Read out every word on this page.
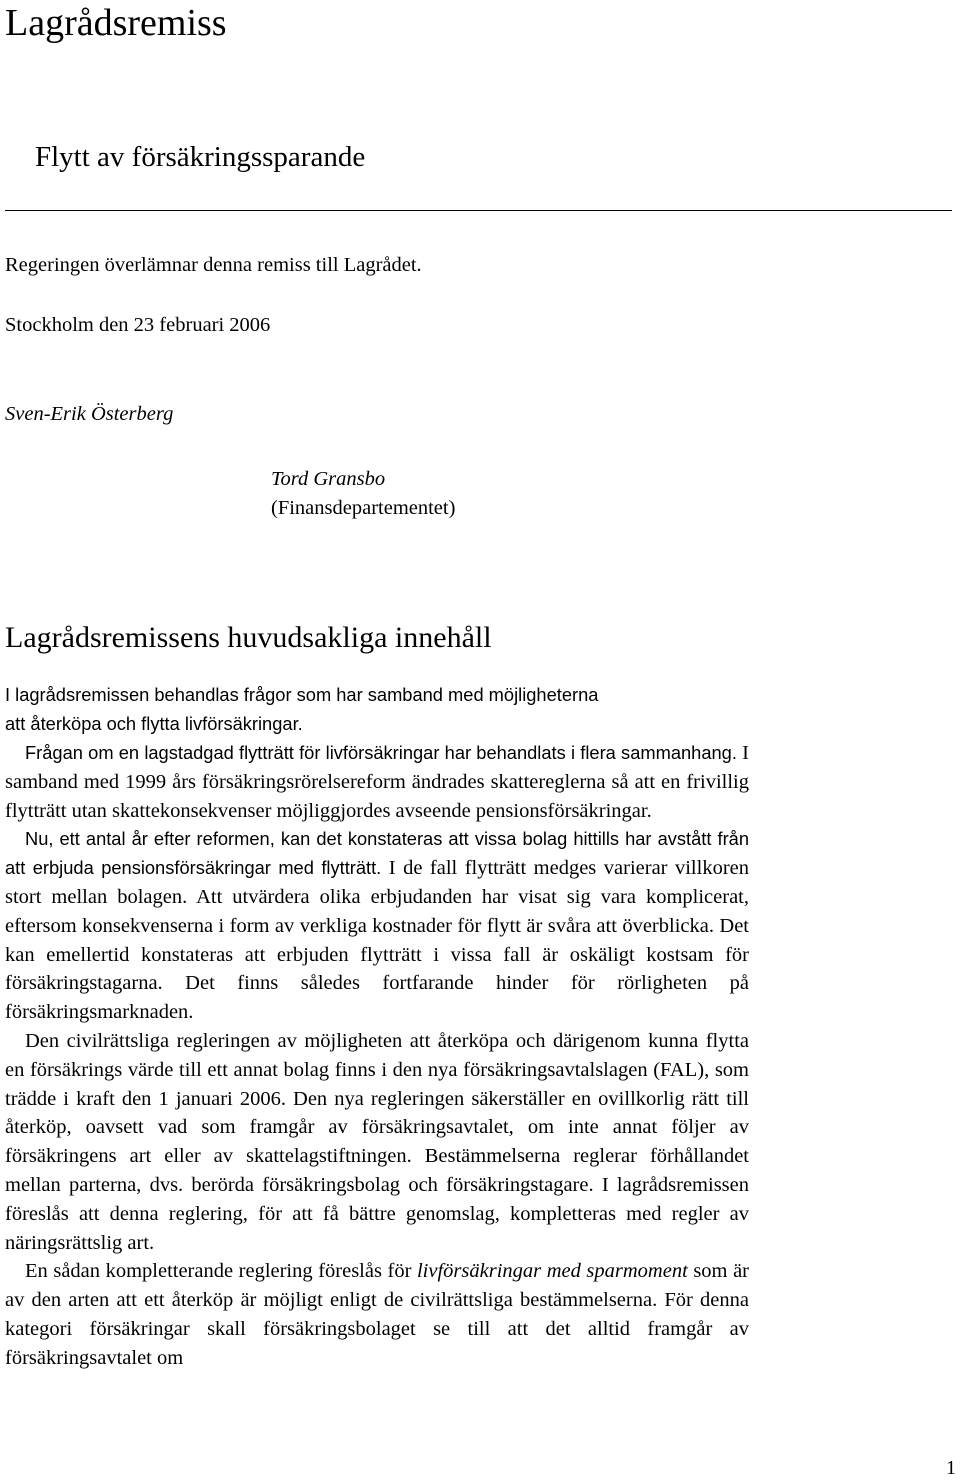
Lagrådsremiss
Flytt av försäkringssparande
Regeringen överlämnar denna remiss till Lagrådet.
Stockholm den 23 februari 2006
Sven-Erik Österberg
Tord Gransbo
(Finansdepartementet)
Lagrådsremissens huvudsakliga innehåll
I lagrådsremissen behandlas frågor som har samband med möjligheterna
att återköpa och flytta livförsäkringar.

Frågan om en lagstadgad flytträtt för livförsäkringar har behandlats i flera sammanhang. I samband med 1999 års försäkringsrörelsereform ändrades skattereglerna så att en frivillig flytträtt utan skattekonsekvenser möjliggjordes avseende pensionsförsäkringar.

Nu, ett antal år efter reformen, kan det konstateras att vissa bolag hittills har avstått från att erbjuda pensionsförsäkringar med flytträtt. I de fall flytträtt medges varierar villkoren stort mellan bolagen. Att utvärdera olika erbjudanden har visat sig vara komplicerat, eftersom konsekvenserna i form av verkliga kostnader för flytt är svåra att överblicka. Det kan emellertid konstateras att erbjuden flytträtt i vissa fall är oskäligt kostsam för försäkringstagarna. Det finns således fortfarande hinder för rörligheten på försäkringsmarknaden.

Den civilrättsliga regleringen av möjligheten att återköpa och därigenom kunna flytta en försäkrings värde till ett annat bolag finns i den nya försäkringsavtalslagen (FAL), som trädde i kraft den 1 januari 2006. Den nya regleringen säkerställer en ovillkorlig rätt till återköp, oavsett vad som framgår av försäkringsavtalet, om inte annat följer av försäkringens art eller av skattelagstiftningen. Bestämmelserna reglerar förhållandet mellan parterna, dvs. berörda försäkringsbolag och försäkringstagare. I lagrådsremissen föreslås att denna reglering, för att få bättre genomslag, kompletteras med regler av näringsrättslig art.

En sådan kompletterande reglering föreslås för livförsäkringar med sparmoment som är av den arten att ett återköp är möjligt enligt de civilrättsliga bestämmelserna. För denna kategori försäkringar skall försäkringsbolaget se till att det alltid framgår av försäkringsavtalet om

1
